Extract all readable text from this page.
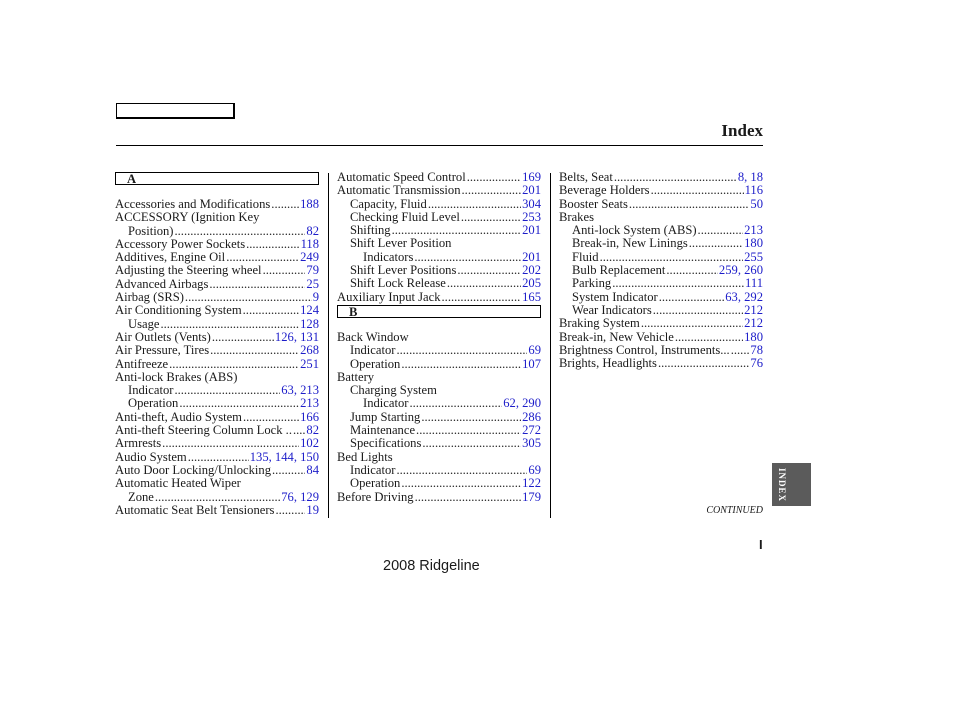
Index
A
Accessories and Modifications ..... 188
ACCESSORY (Ignition Key
Position) .....	82
Accessory Power Sockets .....	118
Additives, Engine Oil .....	249
Adjusting the Steering wheel .....	79
Advanced Airbags .....	25
Airbag (SRS) .....	9
Air Conditioning System .....	124
Usage .....	128
Air Outlets (Vents) .....	126, 131
Air Pressure, Tires .....	268
Antifreeze .....	251
Anti-lock Brakes (ABS)
Indicator .....	63, 213
Operation .....	213
Anti-theft, Audio System .....	166
Anti-theft Steering Column Lock .. ..... 82
Armrests .....	102
Audio System .....	135, 144, 150
Auto Door Locking/Unlocking .....	84
Automatic Heated Wiper
Zone .....	76, 129
Automatic Seat Belt Tensioners .....	19
Automatic Speed Control .....	169
Automatic Transmission .....	201
Capacity, Fluid .....	304
Checking Fluid Level .....	253
Shifting .....	201
Shift Lever Position
Indicators .....	201
Shift Lever Positions .....	202
Shift Lock Release .....	205
Auxiliary Input Jack .....	165
B
Back Window
Indicator .....	69
Operation .....	107
Battery
Charging System
Indicator .....	62, 290
Jump Starting .....	286
Maintenance .....	272
Specifications .....	305
Bed Lights
Indicator .....	69
Operation .....	122
Before Driving .....	179
Belts, Seat .....	8, 18
Beverage Holders .....	116
Booster Seats .....	50
Brakes
Anti-lock System (ABS) .....	213
Break-in, New Linings .....	180
Fluid .....	255
Bulb Replacement .....	259, 260
Parking .....	111
System Indicator .....	63, 292
Wear Indicators .....	212
Braking System .....	212
Break-in, New Vehicle .....	180
Brightness Control, Instruments... ..... 78
Brights, Headlights .....	76
INDEX
CONTINUED
I
2008 Ridgeline
